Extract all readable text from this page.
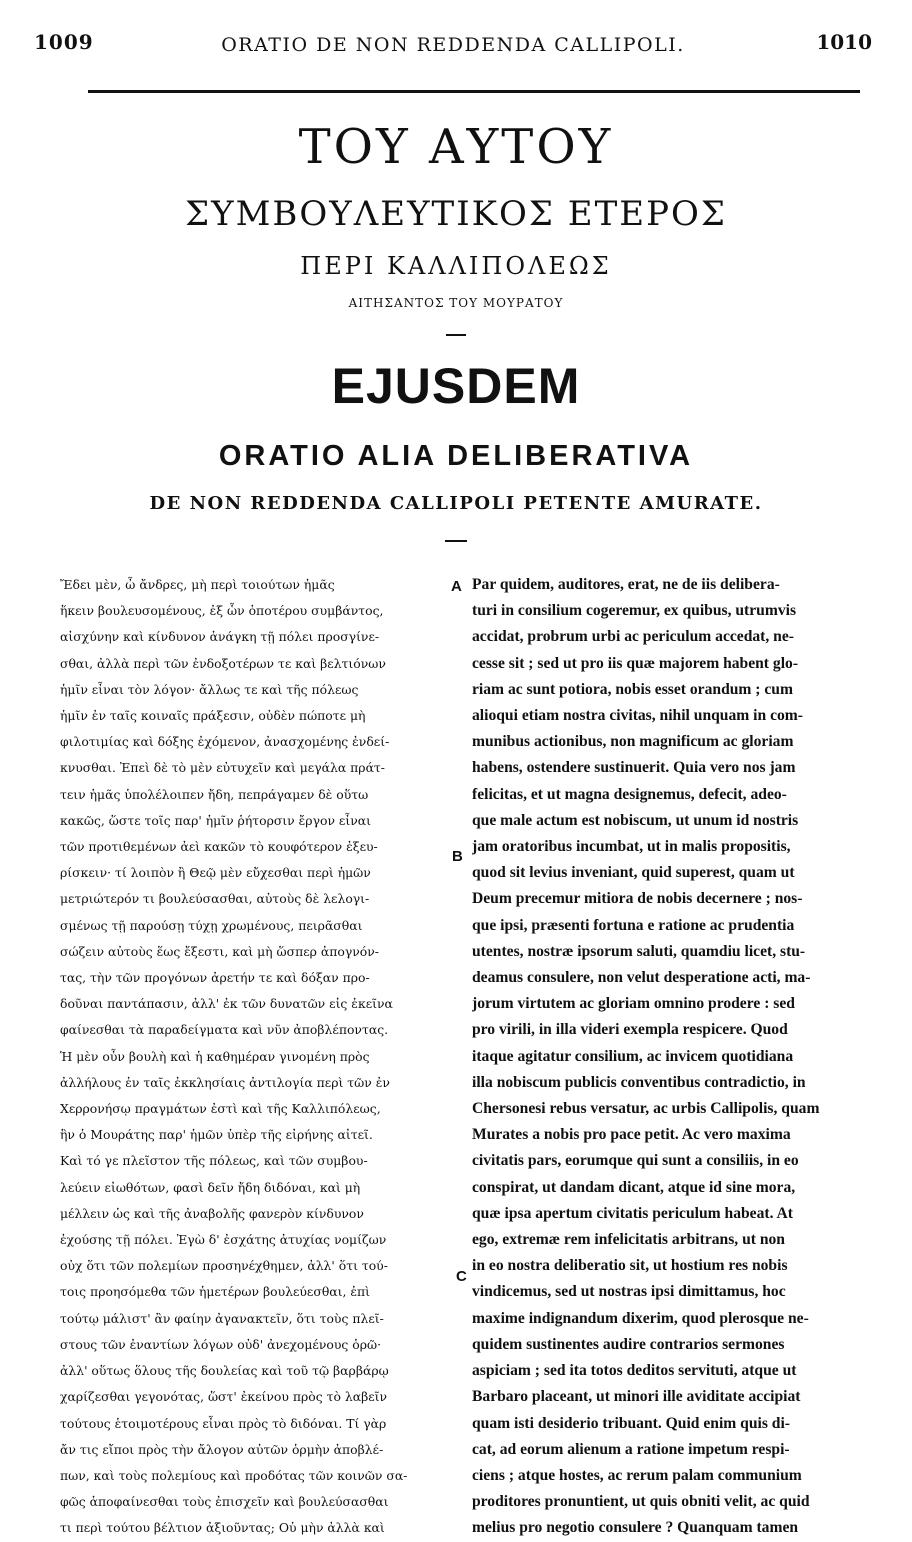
1009	ORATIO DE NON REDDENDA CALLIPOLI.	1010
ΤΟΥ ΑΥΤΟΥ
ΣΥΜΒΟΥΛΕΥΤΙΚΟΣ ΕΤΕΡΟΣ
ΠΕΡΙ ΚΑΛΛΙΠΟΛΕΩΣ
ΑΙΤΗΣΑΝΤΟΣ ΤΟΥ ΜΟΥΡΑΤΟΥ
EJUSDEM
ORATIO ALIA DELIBERATIVA
DE NON REDDENDA CALLIPOLI PETENTE AMURATE.
Ἔδει μὲν, ὦ ἄνδρες, μὴ περὶ τοιούτων ἡμᾶς
ἥκειν βουλευσομένους, ἐξ ὧν ὁποτέρου συμβάντος,
αἰσχύνην καὶ κίνδυνον ἀνάγκη τῇ πόλει προσγίνε-
σθαι, ἀλλὰ περὶ τῶν ἐνδοξοτέρων τε καὶ βελτιόνων
ἡμῖν εἶναι τὸν λόγον· ἄλλως τε καὶ τῆς πόλεως
ἡμῖν ἐν ταῖς κοιναῖς πράξεσιν, οὐδὲν πώποτε μὴ
φιλοτιμίας καὶ δόξης ἐχόμενον, ἀνασχομένης ἐνδεί-
κνυσθαι. Ἐπεὶ δὲ τὸ μὲν εὐτυχεῖν καὶ μεγάλα πράτ-
τειν ἡμᾶς ὑπολέλοιπεν ἤδη, πεπράγαμεν δὲ οὕτω
κακῶς, ὥστε τοῖς παρ' ἡμῖν ῥήτορσιν ἔργον εἶναι
τῶν προτιθεμένων ἀεὶ κακῶν τὸ κουφότερον ἐξευ-
ρίσκειν· τί λοιπὸν ἢ Θεῷ μὲν εὔχεσθαι περὶ ἡμῶν
μετριώτερόν τι βουλεύσασθαι, αὐτοὺς δὲ λελογι-
σμένως τῇ παρούσῃ τύχῃ χρωμένους, πειρᾶσθαι
σώζειν αὐτοὺς ἕως ἔξεστι, καὶ μὴ ὥσπερ ἀπογνόν-
τας, τὴν τῶν προγόνων ἀρετήν τε καὶ δόξαν προ-
δοῦναι παντάπασιν, ἀλλ' ἐκ τῶν δυνατῶν εἰς ἐκεῖνα
φαίνεσθαι τὰ παραδείγματα καὶ νῦν ἀποβλέποντας.
Ἡ μὲν οὖν βουλὴ καὶ ἡ καθημέραν γινομένη πρὸς
ἀλλήλους ἐν ταῖς ἐκκλησίαις ἀντιλογία περὶ τῶν ἐν
Χερρονήσῳ πραγμάτων ἐστὶ καὶ τῆς Καλλιπόλεως,
ἣν ὁ Μουράτης παρ' ἡμῶν ὑπὲρ τῆς εἰρήνης αἰτεῖ.
Καὶ τό γε πλεῖστον τῆς πόλεως, καὶ τῶν συμβου-
λεύειν εἰωθότων, φασὶ δεῖν ἤδη διδόναι, καὶ μὴ
μέλλειν ὡς καὶ τῆς ἀναβολῆς φανερὸν κίνδυνον
ἐχούσης τῇ πόλει. Ἐγὼ δ' ἐσχάτης ἀτυχίας νομίζων
οὐχ ὅτι τῶν πολεμίων προσηνέχθημεν, ἀλλ' ὅτι τού-
τοις προησόμεθα τῶν ἡμετέρων βουλεύεσθαι, ἐπὶ
τούτῳ μάλιστ' ἂν φαίην ἀγανακτεῖν, ὅτι τοὺς πλεῖ-
στους τῶν ἐναντίων λόγων οὐδ' ἀνεχομένους ὁρῶ·
ἀλλ' οὕτως ὅλους τῆς δουλείας καὶ τοῦ τῷ βαρβάρῳ
χαρίζεσθαι γεγονότας, ὥστ' ἐκείνου πρὸς τὸ λαβεῖν
τούτους ἑτοιμοτέρους εἶναι πρὸς τὸ διδόναι. Τί γὰρ
ἄν τις εἴποι πρὸς τὴν ἄλογον αὐτῶν ὁρμὴν ἀποβλέ-
πων, καὶ τοὺς πολεμίους καὶ προδότας τῶν κοινῶν σα-
φῶς ἀποφαίνεσθαι τοὺς ἐπισχεῖν καὶ βουλεύσασθαι
τι περὶ τούτου βέλτιον ἀξιοῦντας; Οὐ μὴν ἀλλὰ καὶ
Par quidem, auditores, erat, ne de iis delibera-
turi in consilium cogeremur, ex quibus, utrumvis
accidat, probrum urbi ac periculum accedat, ne-
cesse sit ; sed ut pro iis quæ majorem habent glo-
riam ac sunt potiora, nobis esset orandum ; cum
alioqui etiam nostra civitas, nihil unquam in com-
munibus actionibus, non magnificum ac gloriam
habens, ostendere sustinuerit. Quia vero nos jam
felicitas, et ut magna designemus, defecit, adeo-
que male actum est nobiscum, ut unum id nostris
jam oratoribus incumbat, ut in malis propositis,
quod sit levius inveniant, quid superest, quam ut
Deum precemur mitiora de nobis decernere ; nos-
que ipsi, præsenti fortuna e ratione ac prudentia
utentes, nostræ ipsorum saluti, quamdiu licet, stu-
deamus consulere, non velut desperatione acti, ma-
jorum virtutem ac gloriam omnino prodere : sed
pro virili, in illa videri exempla respicere. Quod
itaque agitatur consilium, ac invicem quotidiana
illa nobiscum publicis conventibus contradictio, in
Chersonesi rebus versatur, ac urbis Callipolis, quam
Murates a nobis pro pace petit. Ac vero maxima
civitatis pars, eorumque qui sunt a consiliis, in eo
conspirat, ut dandam dicant, atque id sine mora,
quæ ipsa apertum civitatis periculum habeat. At
ego, extremæ rem infelicitatis arbitrans, ut non
in eo nostra deliberatio sit, ut hostium res nobis
vindicemus, sed ut nostras ipsi dimittamus, hoc
maxime indignandum dixerim, quod plerosque ne-
quidem sustinentes audire contrarios sermones
aspiciam ; sed ita totos deditos servituti, atque ut
Barbaro placeant, ut minori ille aviditate accipiat
quam isti desiderio tribuant. Quid enim quis di-
cat, ad eorum alienum a ratione impetum respi-
ciens ; atque hostes, ac rerum palam communium
proditores pronuntient, ut quis obniti velit, ac quid
melius pro negotio consulere ? Quanquam tamen
A
B
C
